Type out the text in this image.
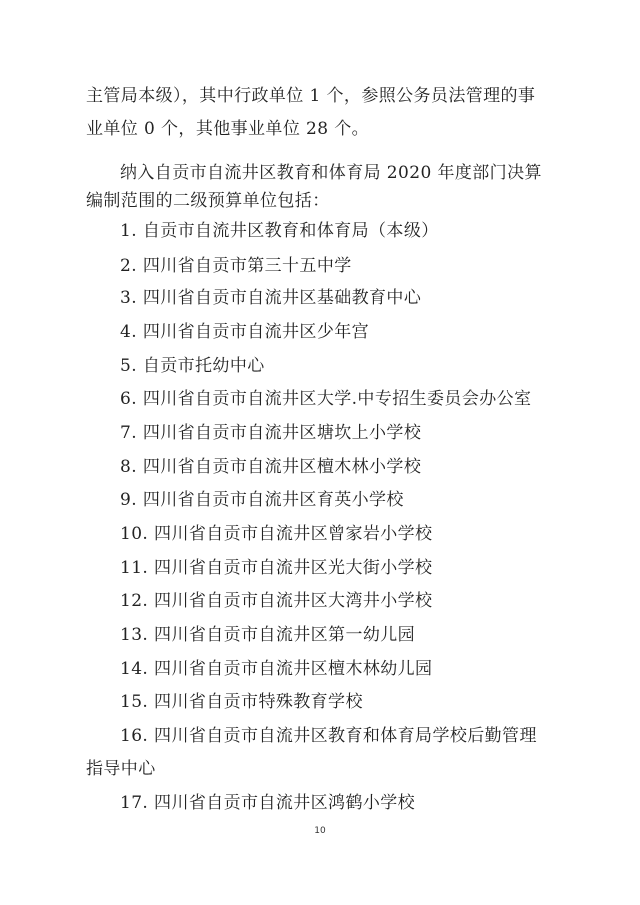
主管局本级），其中行政单位 1 个，参照公务员法管理的事
业单位 0 个，其他事业单位 28 个。
纳入自贡市自流井区教育和体育局 2020 年度部门决算
编制范围的二级预算单位包括：
1. 自贡市自流井区教育和体育局（本级）
2. 四川省自贡市第三十五中学
3. 四川省自贡市自流井区基础教育中心
4. 四川省自贡市自流井区少年宫
5. 自贡市托幼中心
6. 四川省自贡市自流井区大学.中专招生委员会办公室
7. 四川省自贡市自流井区塘坎上小学校
8. 四川省自贡市自流井区檀木林小学校
9. 四川省自贡市自流井区育英小学校
10. 四川省自贡市自流井区曾家岩小学校
11. 四川省自贡市自流井区光大街小学校
12. 四川省自贡市自流井区大湾井小学校
13. 四川省自贡市自流井区第一幼儿园
14. 四川省自贡市自流井区檀木林幼儿园
15. 四川省自贡市特殊教育学校
16. 四川省自贡市自流井区教育和体育局学校后勤管理
指导中心
17. 四川省自贡市自流井区鸿鹤小学校
10
